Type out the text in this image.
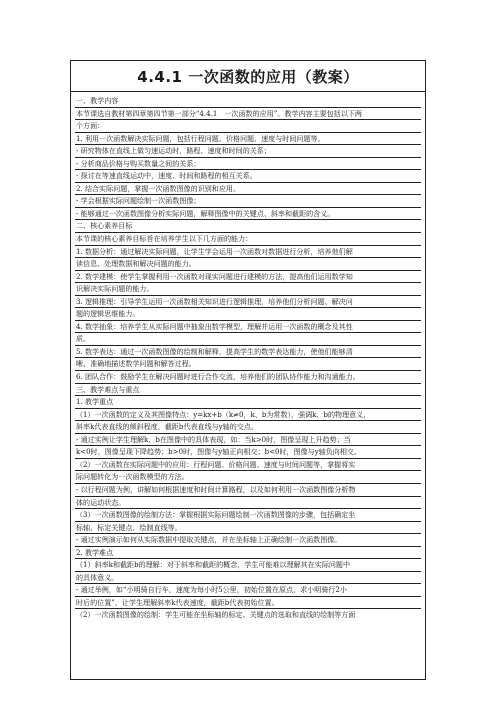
4.4.1 一次函数的应用（教案）
一、教学内容
本节课选自教材第四章第四节第一部分“4.4.1　一次函数的应用”。教学内容主要包括以下两
个方面：
1. 利用一次函数解决实际问题，包括行程问题、价格问题、速度与时间问题等。
- 研究物体在直线上做匀速运动时，路程、速度和时间的关系；
- 分析商品价格与购买数量之间的关系；
- 探讨在等速直线运动中，速度、时间和路程的相互关系。
2. 结合实际问题，掌握一次函数图像的识别和应用。
- 学会根据实际问题绘制一次函数图像；
- 能够通过一次函数图像分析实际问题，解释图像中的关键点、斜率和截距的含义。
二、核心素养目标
本节课的核心素养目标旨在培养学生以下几方面的能力：
1. 数据分析：通过解决实际问题，让学生学会运用一次函数对数据进行分析，培养他们解
读信息、处理数据和解决问题的能力。
2. 数学建模：使学生掌握利用一次函数对现实问题进行建模的方法，提高他们运用数学知
识解决实际问题的能力。
3. 逻辑推理：引导学生运用一次函数相关知识进行逻辑推理，培养他们分析问题、解决问
题的逻辑思维能力。
4. 数学抽象：培养学生从实际问题中抽象出数学模型，理解并运用一次函数的概念及其性
质。
5. 数学表达：通过一次函数图像的绘制和解释，提高学生的数学表达能力，使他们能够清
晰、准确地描述数学问题和解答过程。
6. 团队合作：鼓励学生在解决问题时进行合作交流，培养他们的团队协作能力和沟通能力。
三、教学难点与重点
1. 教学重点
（1）一次函数的定义及其图像特点：y=kx+b（k≠0，k、b为常数），强调k、b的物理意义，
斜率k代表直线的倾斜程度，截距b代表直线与y轴的交点。
- 通过实例让学生理解k、b在图像中的具体表现，如：当k>0时，图像呈现上升趋势；当
k<0时，图像呈现下降趋势；b>0时，图像与y轴正向相交；b<0时，图像与y轴负向相交。
（2）一次函数在实际问题中的应用：行程问题、价格问题、速度与时间问题等，掌握将实
际问题转化为一次函数模型的方法。
- 以行程问题为例，讲解如何根据速度和时间计算路程，以及如何利用一次函数图像分析物
体的运动状态。
（3）一次函数图像的绘制方法：掌握根据实际问题绘制一次函数图像的步骤，包括确定坐
标轴、标定关键点、绘制直线等。
- 通过实例演示如何从实际数据中提取关键点，并在坐标轴上正确绘制一次函数图像。
2. 教学难点
（1）斜率k和截距b的理解：对于斜率和截距的概念，学生可能难以理解其在实际问题中
的具体意义。
- 通过举例，如“小明骑自行车，速度为每小时5公里，初始位置在原点，求小明骑行2小
时后的位置”，让学生理解斜率k代表速度，截距b代表初始位置。
（2）一次函数图像的绘制：学生可能在坐标轴的标定、关键点的选取和直线的绘制等方面
